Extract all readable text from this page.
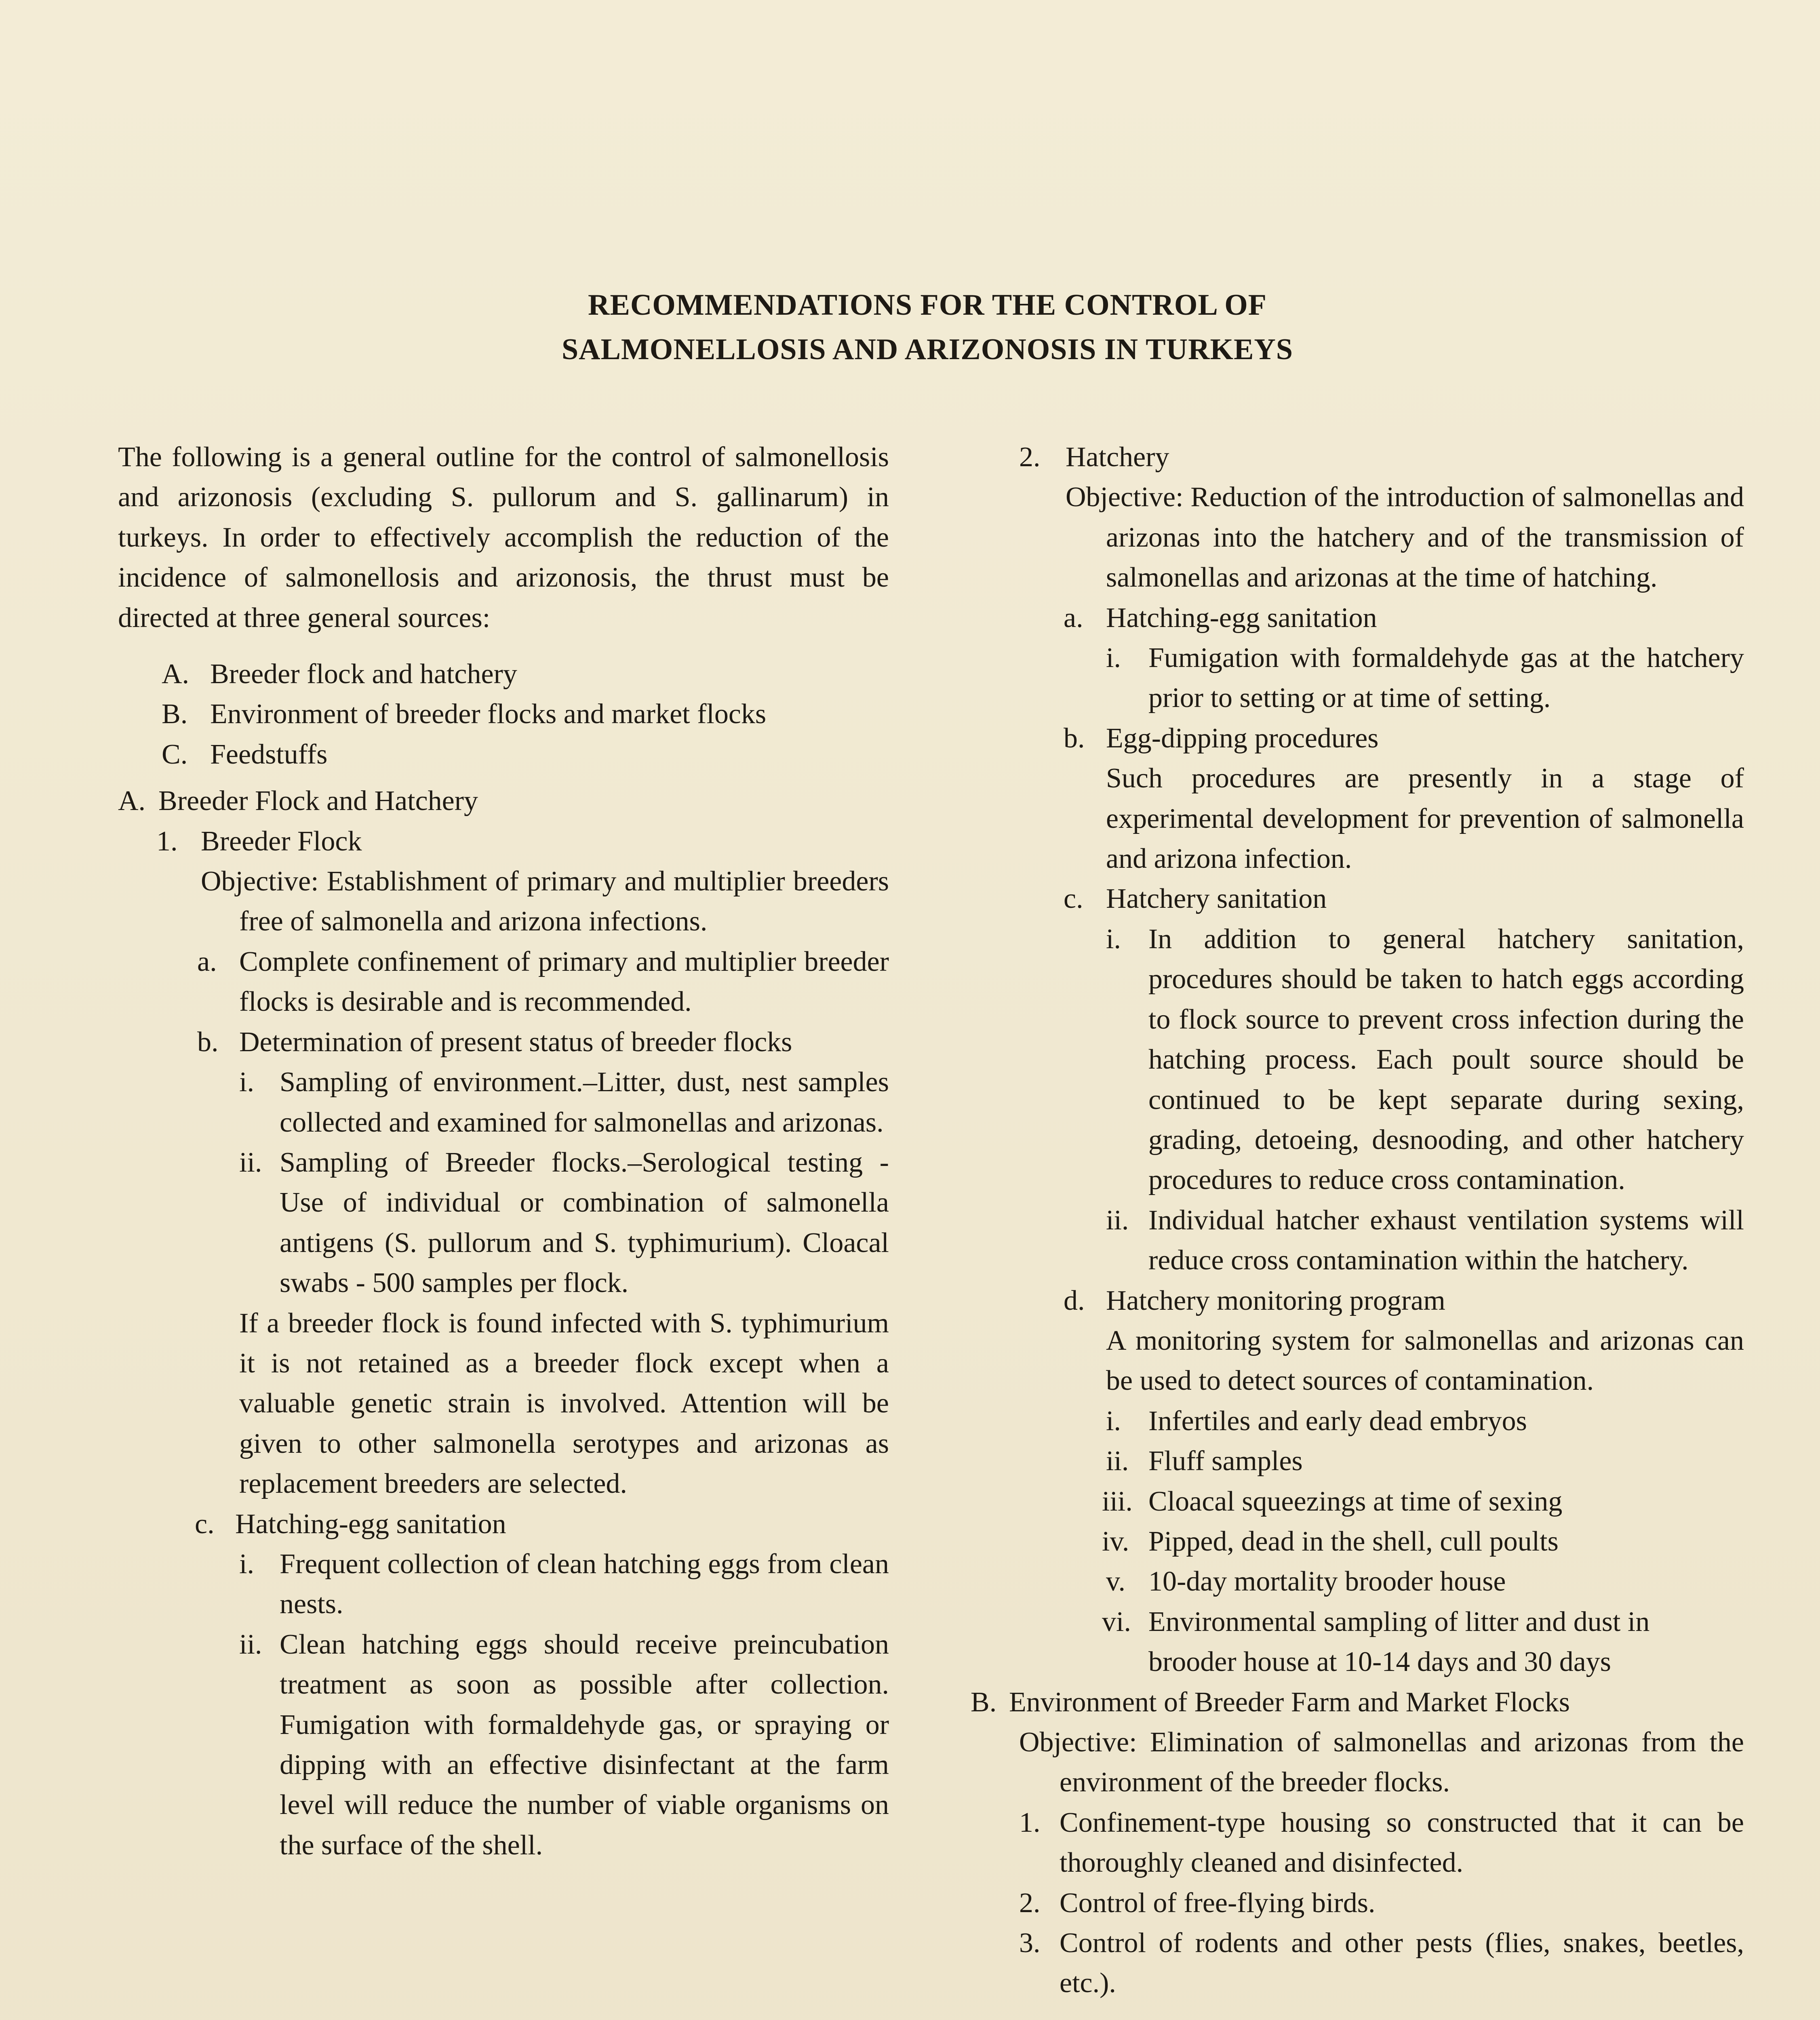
RECOMMENDATIONS FOR THE CONTROL OF
SALMONELLOSIS AND ARIZONOSIS IN TURKEYS
The following is a general outline for the control of salmonellosis and arizonosis (excluding S. pullorum and S. gallinarum) in turkeys. In order to effectively accomplish the reduction of the incidence of salmonellosis and arizonosis, the thrust must be directed at three general sources:
A. Breeder flock and hatchery
B. Environment of breeder flocks and market flocks
C. Feedstuffs
A. Breeder Flock and Hatchery
1. Breeder Flock
Objective: Establishment of primary and multiplier breeders free of salmonella and arizona infections.
a. Complete confinement of primary and multiplier breeder flocks is desirable and is recommended.
b. Determination of present status of breeder flocks
i. Sampling of environment.–Litter, dust, nest samples collected and examined for salmonellas and arizonas.
ii. Sampling of Breeder flocks.–Serological testing - Use of individual or combination of salmonella antigens (S. pullorum and S. typhimurium). Cloacal swabs - 500 samples per flock.
If a breeder flock is found infected with S. typhimurium it is not retained as a breeder flock except when a valuable genetic strain is involved. Attention will be given to other salmonella serotypes and arizonas as replacement breeders are selected.
c. Hatching-egg sanitation
i. Frequent collection of clean hatching eggs from clean nests.
ii. Clean hatching eggs should receive preincubation treatment as soon as possible after collection. Fumigation with formaldehyde gas, or spraying or dipping with an effective disinfectant at the farm level will reduce the number of viable organisms on the surface of the shell.
2. Hatchery
Objective: Reduction of the introduction of salmonellas and arizonas into the hatchery and of the transmission of salmonellas and arizonas at the time of hatching.
a. Hatching-egg sanitation
i. Fumigation with formaldehyde gas at the hatchery prior to setting or at time of setting.
b. Egg-dipping procedures
Such procedures are presently in a stage of experimental development for prevention of salmonella and arizona infection.
c. Hatchery sanitation
i. In addition to general hatchery sanitation, procedures should be taken to hatch eggs according to flock source to prevent cross infection during the hatching process. Each poult source should be continued to be kept separate during sexing, grading, detoeing, desnooding, and other hatchery procedures to reduce cross contamination.
ii. Individual hatcher exhaust ventilation systems will reduce cross contamination within the hatchery.
d. Hatchery monitoring program
A monitoring system for salmonellas and arizonas can be used to detect sources of contamination.
i. Infertiles and early dead embryos
ii. Fluff samples
iii. Cloacal squeezings at time of sexing
iv. Pipped, dead in the shell, cull poults
v. 10-day mortality brooder house
vi. Environmental sampling of litter and dust in brooder house at 10-14 days and 30 days
B. Environment of Breeder Farm and Market Flocks
Objective: Elimination of salmonellas and arizonas from the environment of the breeder flocks.
1. Confinement-type housing so constructed that it can be thoroughly cleaned and disinfected.
2. Control of free-flying birds.
3. Control of rodents and other pests (flies, snakes, beetles, etc.).
